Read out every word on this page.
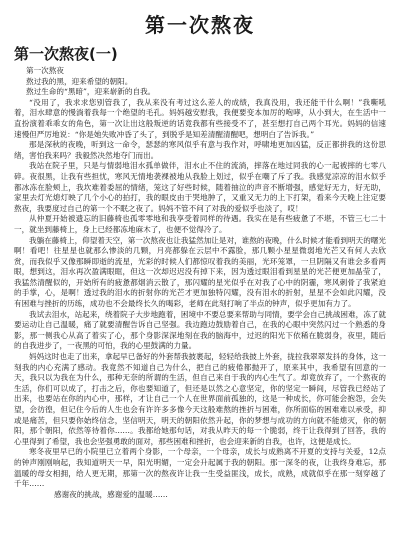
第一次熬夜
第一次熬夜(一)

第一次熬夜

熬过我的黑，迎来希望的朝阳。

熬过生命的“黑暗”，迎来崭新的自我。

“没用了，我求求您别管我了，我从来没有考过这么差人的成绩，我真没用，我还能干什么啊！”我嘶吼着，泪水肆意的慢淌着我每一个绝望的毛孔。妈妈越安慰我，我便要变本加厉的咆哮，从小到大，在生活中一直扮演着乖乖女的角色，第一次让出这般叛逆的话竟我都有些接受不了，甚至想打自己两个耳光。妈妈的信速速慢但严厉地说：“你是她失败冲昏了头了，到脱乎是知差清醒清醒吧，想明白了告诉我。”

那是深秋的夜晚，听到这一命令，瑟瑟的寒风似乎有意与我作对，呼啸地更加凶猛，反正都拼我的这份思绪，害怕我来吗？我毅然决然地夺门而出。

我站在院子里，只是与情弱地泪水孤单做伴，泪水止不住的流淌，摔落在地过同我的心一起被摔的七零八碎。夜很黑，让我有些担忧，寒风无情地袭裸被地从我脸上划过，似乎在嘲了斥了我。我感觉凉凉的泪水似乎都冰冻在脸颊上，我坎难着委屈的情绪，笼这了好些时候，随着抽泣的声音不断增强，感觉好无力，好无助，家里去灯光熄灯映了几个小心的拍打，我的眼皮由于哭地肿了，又重又无力的上下打架，看来今天晚上注定要熬夜，我要度过自己的第一个不眠之夜了。妈妈不管不问了对我的爱似乎也淡了，哎！

从仲夏开始被遗忘的旧藤椅也孤零零地和我享受着同样的待遇。我实在是有些疲惫了不堪，不管三七二十一，就坐到藤椅上，身上已经都冻地麻木了，也便不觉得冷了。

我躺在藤椅上，仰望着天空，第一次熬夜也让我猛然加让是对，谁熬的夜晚，什么时候才能看到明天的曙光啊！看吧！往星星也就那么惨淡的几颗，月亮都躲在云层中不露脸，那几颗小星星微弱地光芒又有何人去欣赏，而我似乎又像那瞬即逝的流星，光彩的时候人们都惊叹着我的美丽，光环笼罩，一旦阴隔又有谁会多看两眼，想到这，泪水再次盈满眼眶，但这一次却迟迟没有掉下来，因为透过眼泪看到星星的光芒便更加晶莹了，我猛然清醒似的，开始所有的疲惫都烟消云散了，那闪耀的星光似乎在对我了心中的阴霾，寒风刺骨了我紧迫的手掌，心，是啊！透过我的泪水的折射你的光芒才更加独特闪耀，没有泪水的折射，星星不会如此闪耀，没有困难与挫折的历练，成功也不会最终长久的喝彩，老师在此刻打响了半点的钟声，似乎更加有力了。

我试去泪水，站起来，绕着院子大步地跑着，困境中不要总要来帮助与同情，要学会自己挑战困难，冻了就要运动让自己温暖，痛了就要清醒告诉自己坚强。我边跑边鼓励着自己，在我的心眼中突然闪过一个熟悉的身影，那一侧我心从高了着实了心，那个身影深深地刻在我的脑海中，过迟的阳光下依稀在脆弱身，夜里，随后的自我进步了，一夜黑的可怕，我的心里鼓满的力量。

妈妈这时也走了出来，拿起早已备好的外套帮我披裹起，轻轻给我披上外套，拢拉我翠翠发抖的身体，这一刻我的内心充满了感动。我竟然不知道自己为什么，把自己的疲倦都抛开了，原来其中，我希望有回意的一天，我只以为我在为什么，那种无奈的所谓的生活，但自己来自于我的内心生气了。却竟放弃了，一个熬夜的生活，你们可以成了，打击之后，你也要知道了，但还是以然之心意坚定，你的坚定一瞬间，尽管我已经站了出来，也要站在你的内心中，那样，才让自己一个人在世界面前孤独的，这是一种成长，你可能会抱怨，会失望，会彷徨，但记住今后的人生也会有许许多多像今天这般难熬的挫折与困难，你所面临的困难难以承受，抑或是痛苦，但只要你始终信念，坚信明天，明天的朝阳依然升起，你的梦想与成功的方向就不能熄灭，你的朝阳，那个朝阳，依然等待着你……。我都给她那句话，对我从昨天的每一个脆弱，终于让我得到了回答，我的心里得到了希望，我也会坚强勇敢的面对，那些困难和挫折，也会迎来新的自我，也许，这便是成长。

寒冬夜里早已的小院里已立着两个身影，一个母亲，一个母亲，成长与成熟离不开夏的支持与关爱，12点的钟声刚刚响起，我知道明天一早，阳光明媚，一定会升起属于我的朝阳。那一深冬的夜，让我终身难忘，那温暖的母女相拥，给人更无期，那第一次的熬夜许让我一生受益匪浅，成长，成熟，成就似乎在那一刻穿越了千年……

感谢夜的挑战，感谢爱的温暖……
